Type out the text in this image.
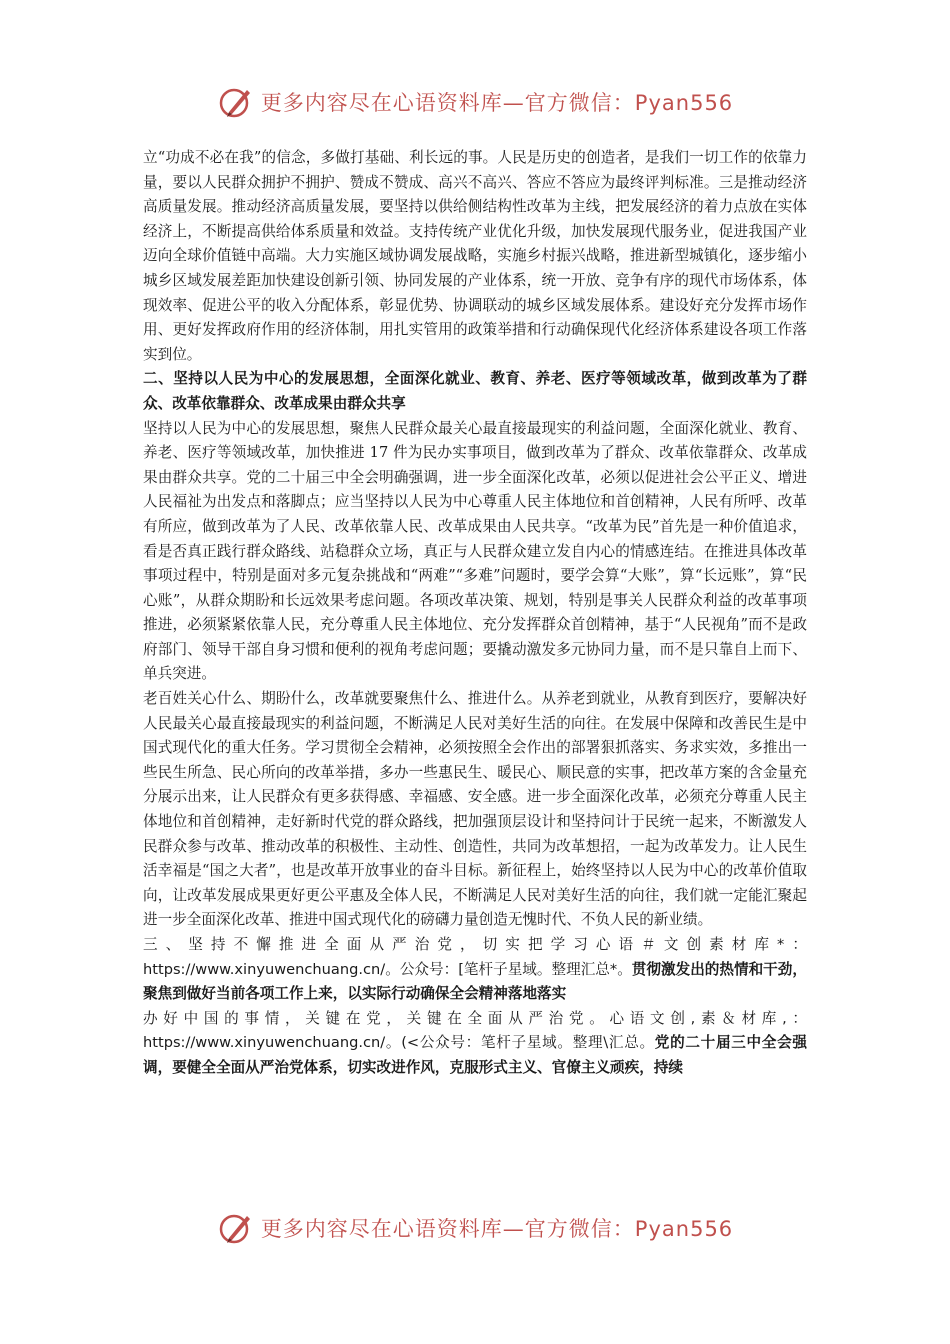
更多内容尽在心语资料库—官方微信：Pyan556

立“功成不必在我”的信念，多做打基础、利长远的事。人民是历史的创造者，是我们一切工作的依靠力量，要以人民群众拥护不拥护、赞成不赞成、高兴不高兴、答应不答应为最终评判标准。三是推动经济高质量发展。推动经济高质量发展，要坚持以供给侧结构性改革为主线，把发展经济的着力点放在实体经济上，不断提高供给体系质量和效益。支持传统产业优化升级，加快发展现代服务业，促进我国产业迈向全球价值链中高端。大力实施区域协调发展战略，实施乡村振兴战略，推进新型城镇化，逐步缩小城乡区域发展差距加快建设创新引领、协同发展的产业体系，统一开放、竞争有序的现代市场体系，体现效率、促进公平的收入分配体系，彰显优势、协调联动的城乡区域发展体系。建设好充分发挥市场作用、更好发挥政府作用的经济体制，用扎实管用的政策举措和行动确保现代化经济体系建设各项工作落实到位。

二、坚持以人民为中心的发展思想，全面深化就业、教育、养老、医疗等领域改革，做到改革为了群众、改革依靠群众、改革成果由群众共享

坚持以人民为中心的发展思想，聚焦人民群众最关心最直接最现实的利益问题，全面深化就业、教育、养老、医疗等领域改革，加快推进 17 件为民办实事项目，做到改革为了群众、改革依靠群众、改革成果由群众共享。党的二十届三中全会明确强调，进一步全面深化改革，必须以促进社会公平正义、增进人民福祉为出发点和落脚点；应当坚持以人民为中心尊重人民主体地位和首创精神，人民有所呼、改革有所应，做到改革为了人民、改革依靠人民、改革成果由人民共享。“改革为民”首先是一种价值追求，看是否真正践行群众路线、站稳群众立场，真正与人民群众建立发自内心的情感连结。在推进具体改革事项过程中，特别是面对多元复杂挑战和“两难”“多难”问题时，要学会算“大账”，算“长远账”，算“民心账”，从群众期盼和长远效果考虑问题。各项改革决策、规划，特别是事关人民群众利益的改革事项推进，必须紧紧依靠人民，充分尊重人民主体地位、充分发挥群众首创精神，基于“人民视角”而不是政府部门、领导干部自身习惯和便利的视角考虑问题；要撬动激发多元协同力量，而不是只靠自上而下、单兵突进。

老百姓关心什么、期盼什么，改革就要聚焦什么、推进什么。从养老到就业，从教育到医疗，要解决好人民最关心最直接最现实的利益问题，不断满足人民对美好生活的向往。在发展中保障和改善民生是中国式现代化的重大任务。学习贯彻全会精神，必须按照全会作出的部署狠抓落实、务求实效，多推出一些民生所急、民心所向的改革举措，多办一些惠民生、暖民心、顺民意的实事，把改革方案的含金量充分展示出来，让人民群众有更多获得感、幸福感、安全感。进一步全面深化改革，必须充分尊重人民主体地位和首创精神，走好新时代党的群众路线，把加强顶层设计和坚持问计于民统一起来，不断激发人民群众参与改革、推动改革的积极性、主动性、创造性，共同为改革想招，一起为改革发力。让人民生活幸福是“国之大者”，也是改革开放事业的奋斗目标。新征程上，始终坚持以人民为中心的改革价值取向，让改革发展成果更好更公平惠及全体人民，不断满足人民对美好生活的向往，我们就一定能汇聚起进一步全面深化改革、推进中国式现代化的磅礴力量创造无愧时代、不负人民的新业绩。

三、坚持不懈推进全面从严治党，切实把学习心语＃文创素材库*：https://www.xinyuwenchuang.cn/。公众号：[笔杆子星域。整理汇总*。贯彻激发出的热情和干劲，聚焦到做好当前各项工作上来，以实际行动确保全会精神落地落实

办好中国的事情，关键在党，关键在全面从严治党。心语文创,素＆材库,：https://www.xinyuwenchuang.cn/。(<公众号：笔杆子星域。整理\汇总。党的二十届三中全会强调，要健全全面从严治党体系，切实改进作风，克服形式主义、官僚主义顽疾，持续

更多内容尽在心语资料库—官方微信：Pyan556
